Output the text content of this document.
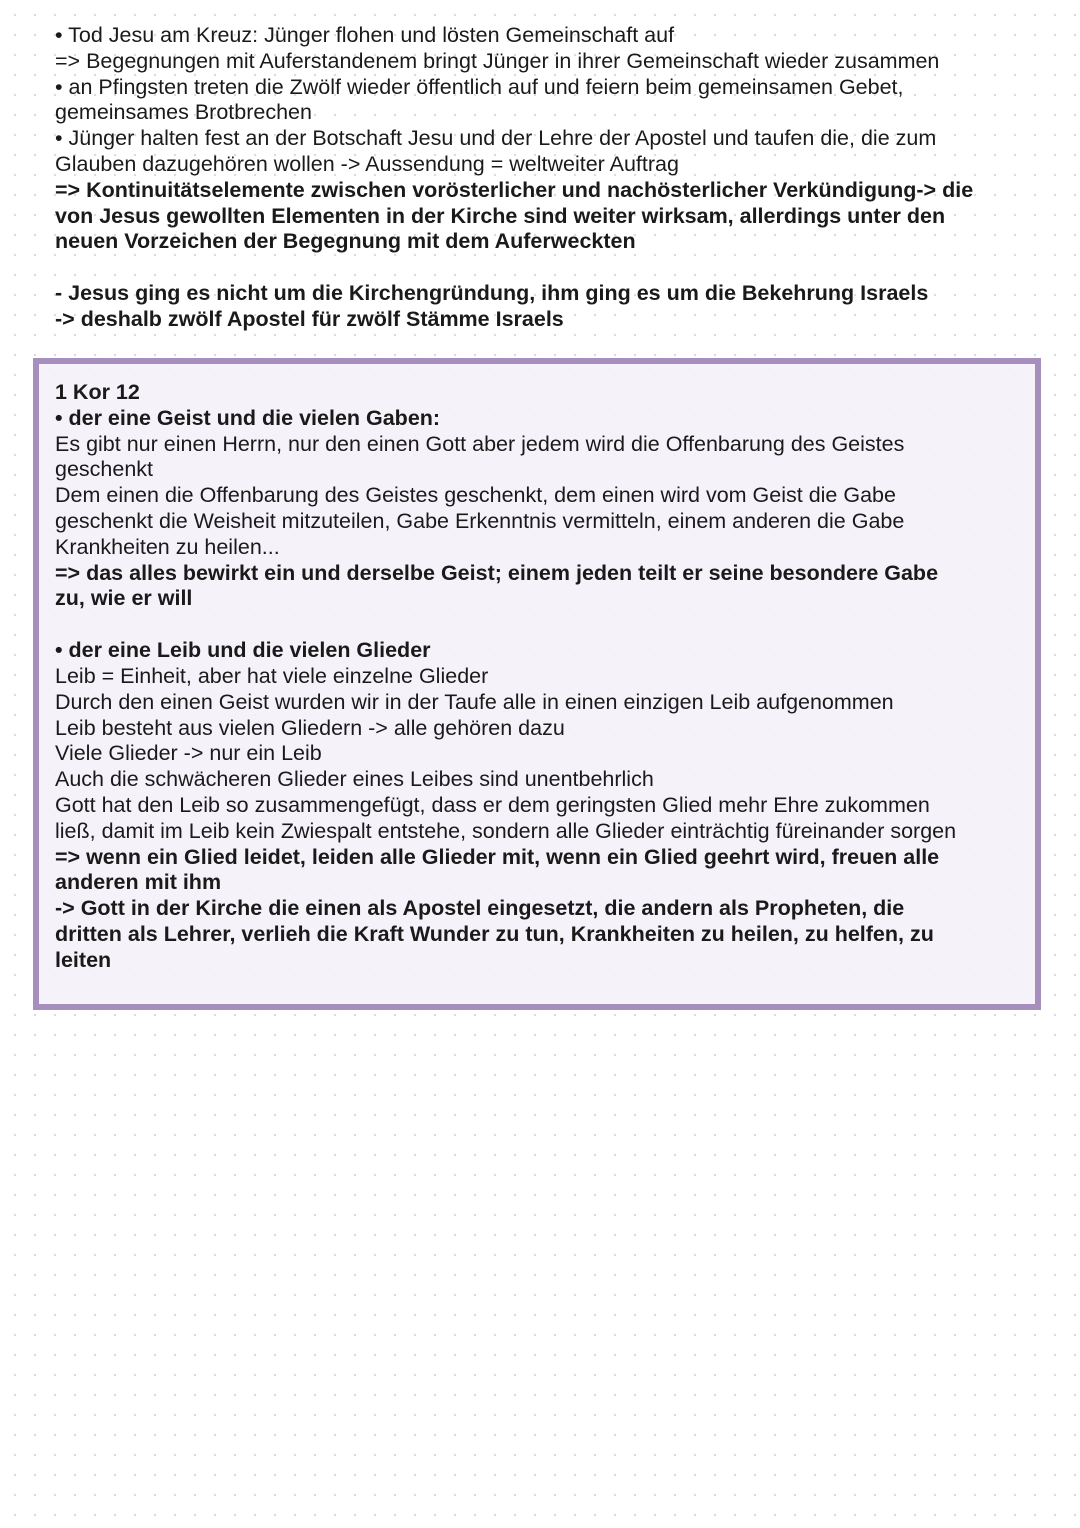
• Tod Jesu am Kreuz: Jünger flohen und lösten Gemeinschaft auf
=> Begegnungen mit Auferstandenem bringt Jünger in ihrer Gemeinschaft wieder zusammen
• an Pfingsten treten die Zwölf wieder öffentlich auf und feiern beim gemeinsamen Gebet,
gemeinsames Brotbrechen
• Jünger halten fest an der Botschaft Jesu und der Lehre der Apostel und taufen die, die zum
Glauben dazugehören wollen -> Aussendung = weltweiter Auftrag
=> Kontinuitätselemente zwischen vorösterlicher und nachösterlicher Verkündigung-> die
von Jesus gewollten Elementen in der Kirche sind weiter wirksam, allerdings unter den
neuen Vorzeichen der Begegnung mit dem Auferweckten
- Jesus ging es nicht um die Kirchengründung, ihm ging es um die Bekehrung Israels
-> deshalb zwölf Apostel für zwölf Stämme Israels
1 Kor 12
• der eine Geist und die vielen Gaben:
Es gibt nur einen Herrn, nur den einen Gott aber jedem wird die Offenbarung des Geistes
geschenkt
Dem einen die Offenbarung des Geistes geschenkt, dem einen wird vom Geist die Gabe
geschenkt die Weisheit mitzuteilen, Gabe Erkenntnis vermitteln, einem anderen die Gabe
Krankheiten zu heilen...
=> das alles bewirkt ein und derselbe Geist; einem jeden teilt er seine besondere Gabe
zu, wie er will
• der eine Leib und die vielen Glieder
Leib = Einheit, aber hat viele einzelne Glieder
Durch den einen Geist wurden wir in der Taufe alle in einen einzigen Leib aufgenommen
Leib besteht aus vielen Gliedern -> alle gehören dazu
Viele Glieder -> nur ein Leib
Auch die schwächeren Glieder eines Leibes sind unentbehrlich
Gott hat den Leib so zusammengefügt, dass er dem geringsten Glied mehr Ehre zukommen
ließ, damit im Leib kein Zwiespalt entstehe, sondern alle Glieder einträchtig füreinander sorgen
=> wenn ein Glied leidet, leiden alle Glieder mit, wenn ein Glied geehrt wird, freuen alle
anderen mit ihm
-> Gott in der Kirche die einen als Apostel eingesetzt, die andern als Propheten, die
dritten als Lehrer, verlieh die Kraft Wunder zu tun, Krankheiten zu heilen, zu helfen, zu
leiten
